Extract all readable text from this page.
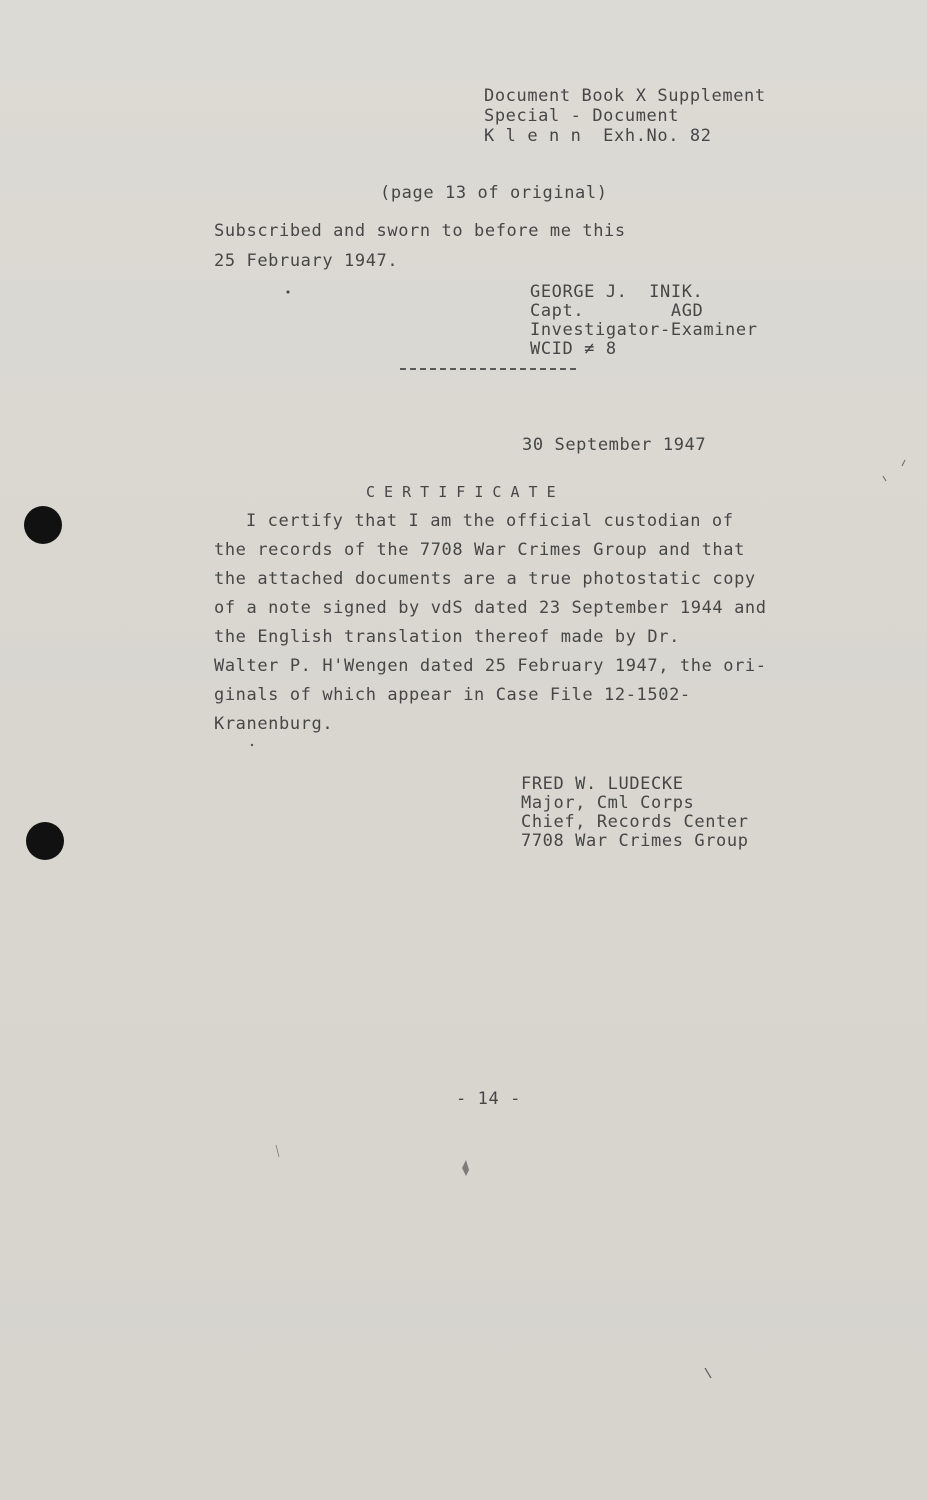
Document Book X Supplement
Special - Document
K l e n n  Exh.No. 82
(page 13 of original)
Subscribed and sworn to before me this
25 February 1947.
GEORGE J.  INIK.
Capt.        AGD
Investigator-Examiner
WCID ≠ 8
30 September 1947
C E R T I F I C A T E
I certify that I am the official custodian of
the records of the 7708 War Crimes Group and that
the attached documents are a true photostatic copy
of a note signed by vdS dated 23 September 1944 and
the English translation thereof made by Dr.
Walter P. H'Wengen dated 25 February 1947, the ori-
ginals of which appear in Case File 12-1502-
Kranenburg.
FRED W. LUDECKE
Major, Cml Corps
Chief, Records Center
7708 War Crimes Group
- 14 -
